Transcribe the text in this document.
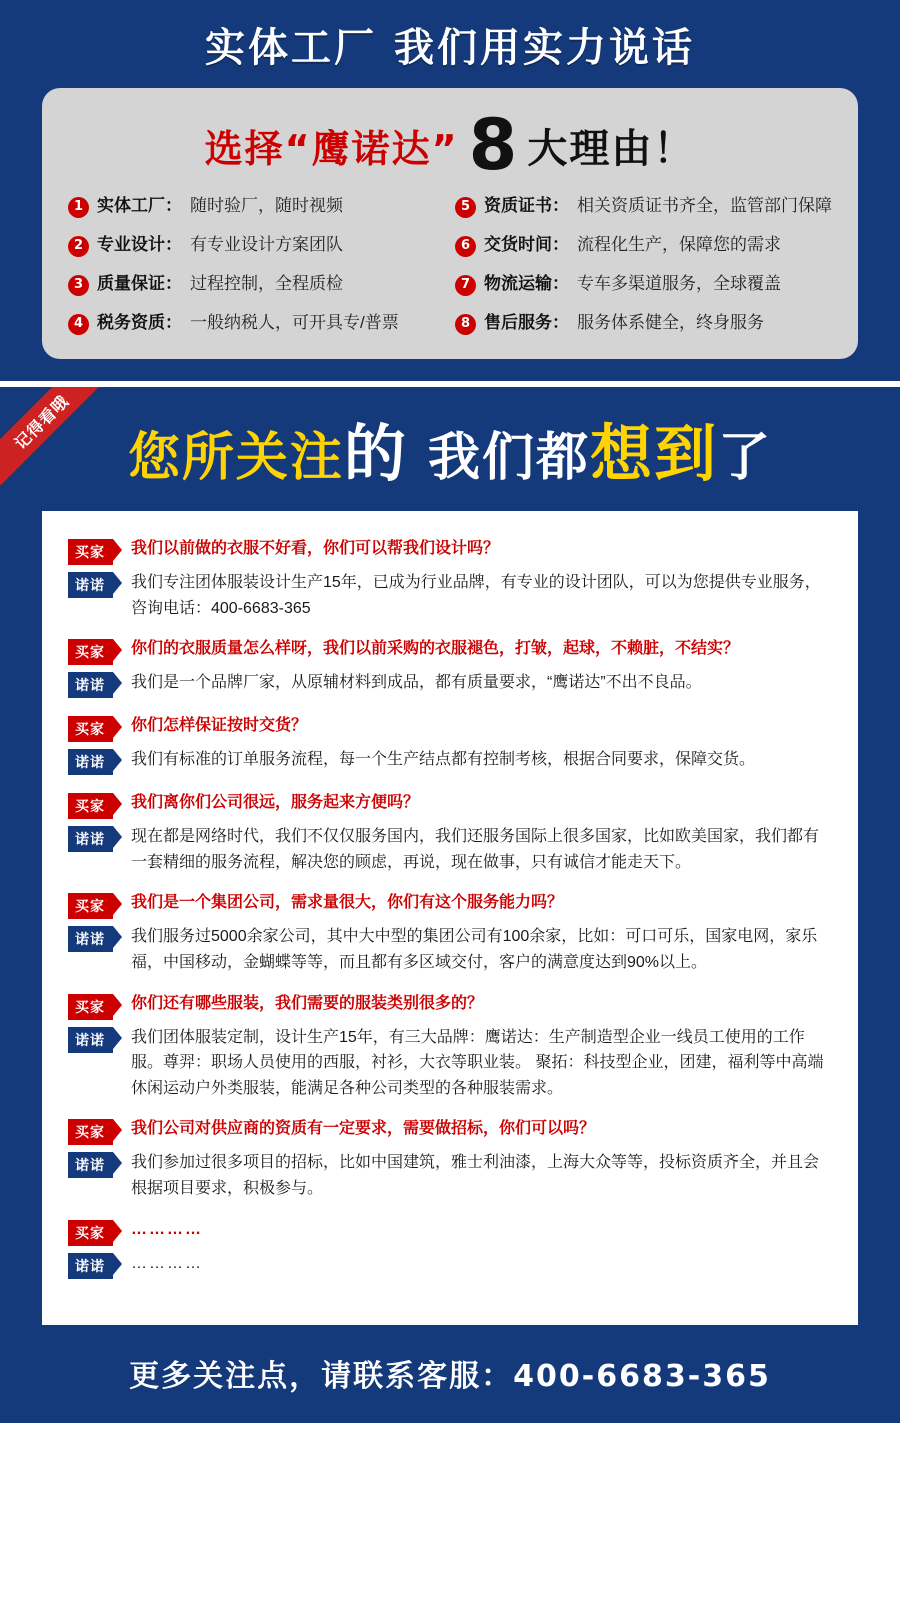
实体工厂 我们用实力说话
选择“鹰诺达” 8 大理由！
1 实体工厂： 随时验厂，随时视频	5 资质证书： 相关资质证书齐全，监管部门保障
2 专业设计： 有专业设计方案团队	6 交货时间： 流程化生产，保障您的需求
3 质量保证： 过程控制，全程质检	7 物流运输： 专车多渠道服务，全球覆盖
4 税务资质： 一般纳税人，可开具专/普票	8 售后服务： 服务体系健全，终身服务
记得看哦
您所关注的 我们都想到了
买家	我们以前做的衣服不好看，你们可以帮我们设计吗？
诺诺	我们专注团体服装设计生产15年，已成为行业品牌，有专业的设计团队，可以为您提供专业服务，咨询电话：400-6683-365
买家	你们的衣服质量怎么样呀，我们以前采购的衣服褪色，打皱，起球，不赖脏，不结实？
诺诺	我们是一个品牌厂家，从原辅材料到成品，都有质量要求，“鹰诺达”不出不良品。
买家	你们怎样保证按时交货？
诺诺	我们有标准的订单服务流程，每一个生产结点都有控制考核，根据合同要求，保障交货。
买家	我们离你们公司很远，服务起来方便吗？
诺诺	现在都是网络时代，我们不仅仅服务国内，我们还服务国际上很多国家，比如欧美国家，我们都有一套精细的服务流程，解决您的顾虑，再说，现在做事，只有诚信才能走天下。
买家	我们是一个集团公司，需求量很大，你们有这个服务能力吗？
诺诺	我们服务过5000余家公司，其中大中型的集团公司有100余家，比如：可口可乐，国家电网，家乐福，中国移动，金蝴蝶等等，而且都有多区域交付，客户的满意度达到90%以上。
买家	你们还有哪些服装，我们需要的服装类别很多的？
诺诺	我们团体服装定制，设计生产15年，有三大品牌：鹰诺达：生产制造型企业一线员工使用的工作服。尊羿：职场人员使用的西服，衬衫，大衣等职业装。 聚拓：科技型企业，团建，福利等中高端休闲运动户外类服装，能满足各种公司类型的各种服装需求。
买家	我们公司对供应商的资质有一定要求，需要做招标，你们可以吗？
诺诺	我们参加过很多项目的招标，比如中国建筑，雅士利油漆，上海大众等等，投标资质齐全，并且会根据项目要求，积极参与。
买家	…………
诺诺	…………
更多关注点，请联系客服：400-6683-365
